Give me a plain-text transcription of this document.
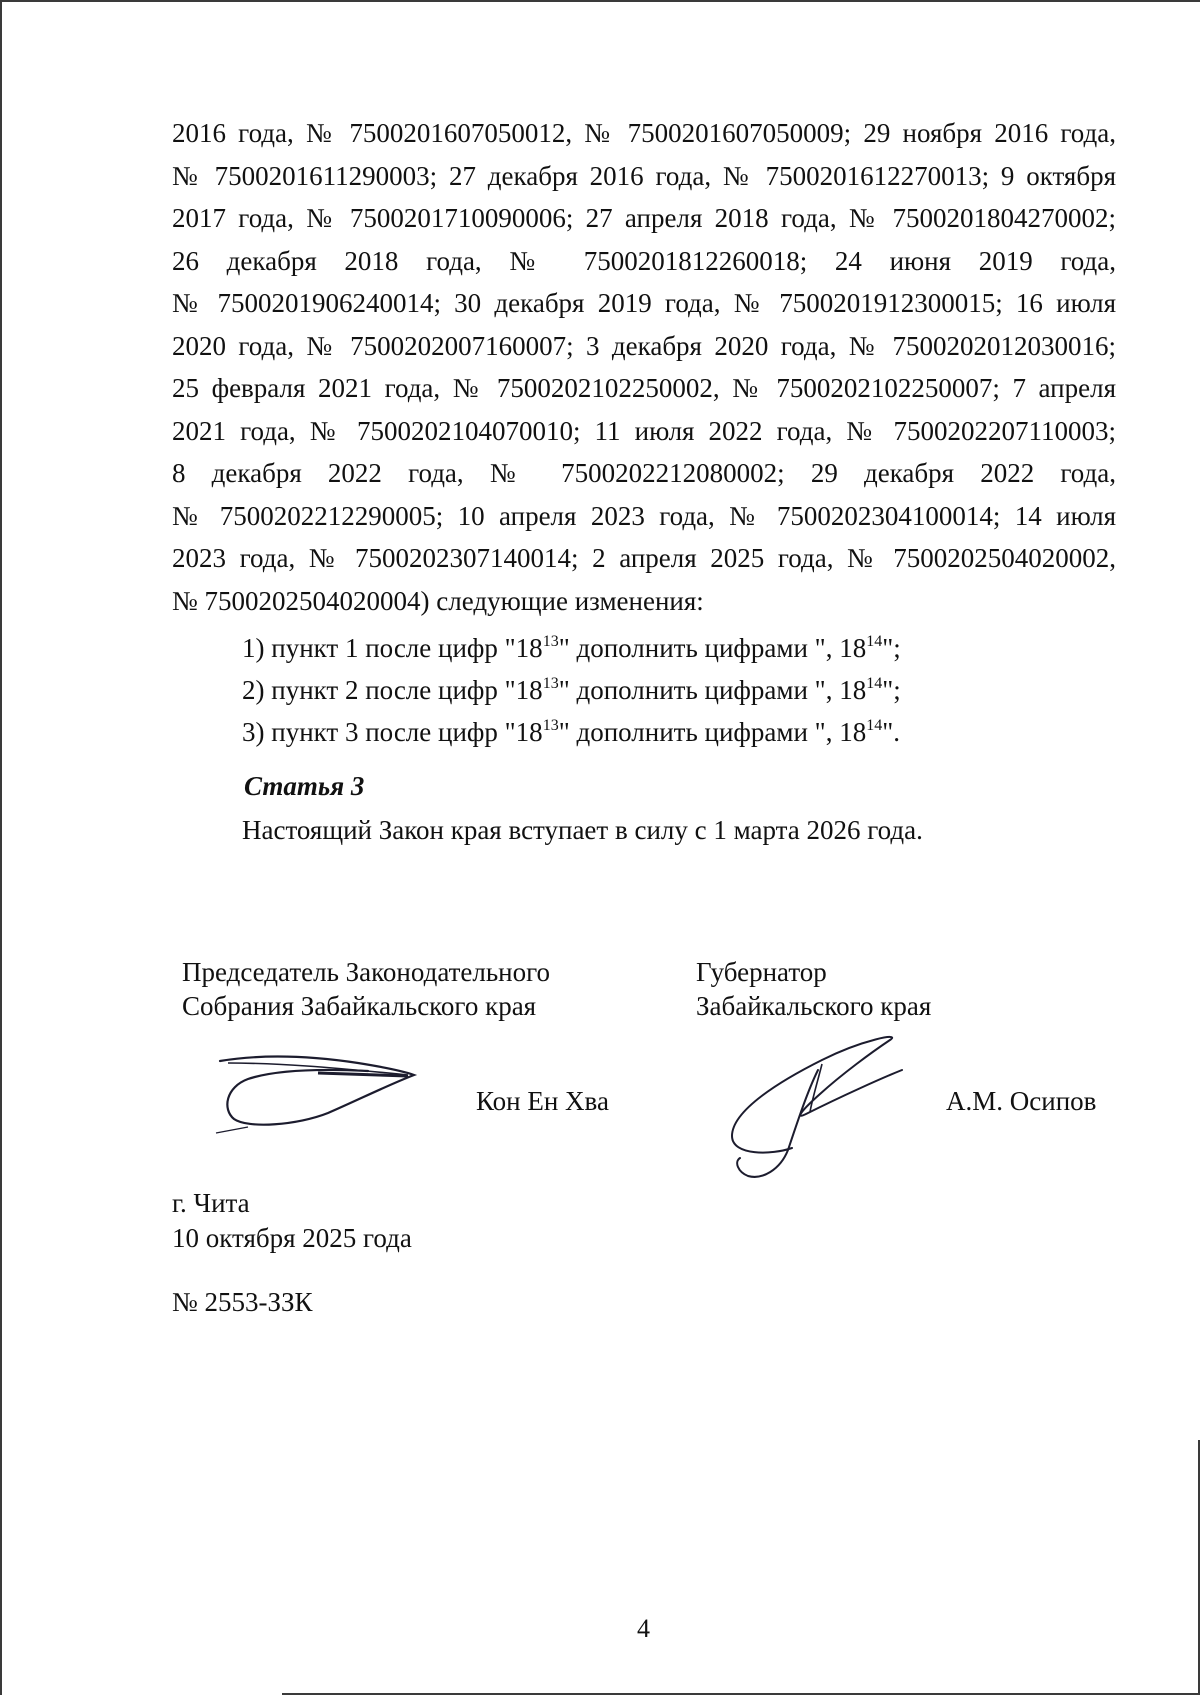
2016 года, № 7500201607050012, № 7500201607050009; 29 ноября 2016 года,
№ 7500201611290003; 27 декабря 2016 года, № 7500201612270013; 9 октября
2017 года, № 7500201710090006; 27 апреля 2018 года, № 7500201804270002;
26 декабря 2018 года, № 7500201812260018; 24 июня 2019 года,
№ 7500201906240014; 30 декабря 2019 года, № 7500201912300015; 16 июля
2020 года, № 7500202007160007; 3 декабря 2020 года, № 7500202012030016;
25 февраля 2021 года, № 7500202102250002, № 7500202102250007; 7 апреля
2021 года, № 7500202104070010; 11 июля 2022 года, № 7500202207110003;
8 декабря 2022 года, № 7500202212080002; 29 декабря 2022 года,
№ 7500202212290005; 10 апреля 2023 года, № 7500202304100014; 14 июля
2023 года, № 7500202307140014; 2 апреля 2025 года, № 7500202504020002,
№ 7500202504020004) следующие изменения:
1) пункт 1 после цифр "$18^{13}$" дополнить цифрами ", $18^{14}$";
2) пункт 2 после цифр "$18^{13}$" дополнить цифрами ", $18^{14}$";
3) пункт 3 после цифр "$18^{13}$" дополнить цифрами ", $18^{14}$".
Статья 3
Настоящий Закон края вступает в силу с 1 марта 2026 года.
Председатель Законодательного
Собрания Забайкальского края
Губернатор
Забайкальского края
Кон Ен Хва	А.М. Осипов
г. Чита
10 октября 2025 года
№ 2553-ЗЗК
4
